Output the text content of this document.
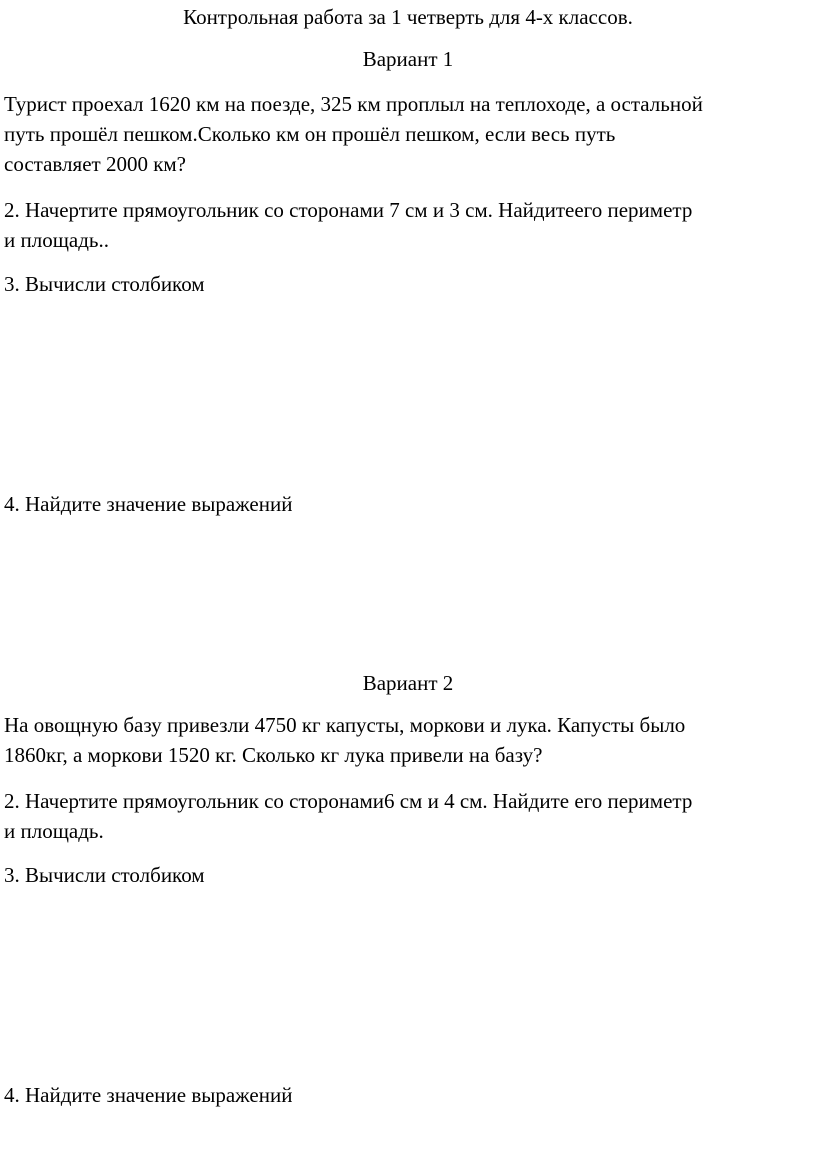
Контрольная работа за 1 четверть для 4-х классов.

Вариант 1

Турист проехал 1620 км на поезде, 325 км проплыл на теплоходе, а остальной

путь прошёл пешком.Сколько км он прошёл пешком, если весь путь

составляет 2000 км?

2. Начертите прямоугольник со сторонами 7 см и 3 см. Найдитеего периметр

и площадь..

3. Вычисли столбиком

4. Найдите значение выражений

Вариант 2

На овощную базу привезли 4750 кг капусты, моркови и лука. Капусты было

1860кг, а моркови 1520 кг. Сколько кг лука привели на базу?

2. Начертите прямоугольник со сторонами6 см и 4 см. Найдите его периметр

и площадь.

3. Вычисли столбиком

4. Найдите значение выражений
